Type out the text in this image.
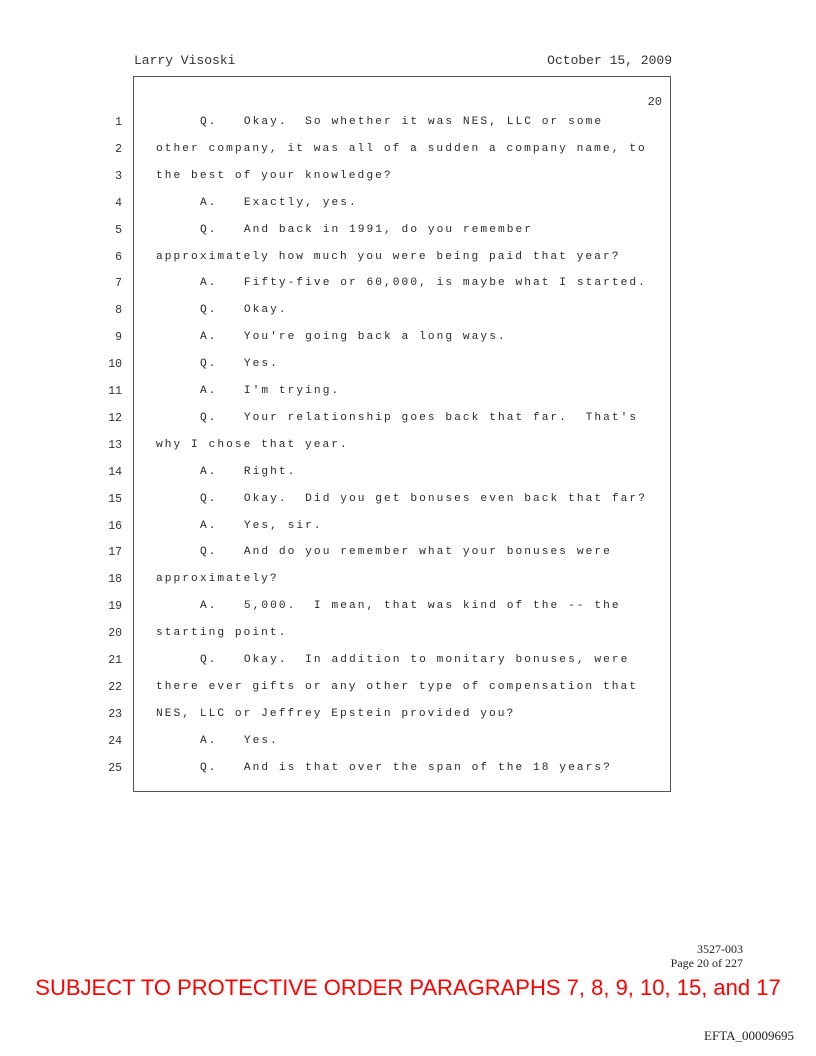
Larry Visoski	October 15, 2009
20
1	Q.   Okay.  So whether it was NES, LLC or some
2	other company, it was all of a sudden a company name, to
3	the best of your knowledge?
4	A.   Exactly, yes.
5	Q.   And back in 1991, do you remember
6	approximately how much you were being paid that year?
7	A.   Fifty-five or 60,000, is maybe what I started.
8	Q.   Okay.
9	A.   You're going back a long ways.
10	Q.   Yes.
11	A.   I'm trying.
12	Q.   Your relationship goes back that far.  That's
13	why I chose that year.
14	A.   Right.
15	Q.   Okay.  Did you get bonuses even back that far?
16	A.   Yes, sir.
17	Q.   And do you remember what your bonuses were
18	approximately?
19	A.   5,000.  I mean, that was kind of the -- the
20	starting point.
21	Q.   Okay.  In addition to monitary bonuses, were
22	there ever gifts or any other type of compensation that
23	NES, LLC or Jeffrey Epstein provided you?
24	A.   Yes.
25	Q.   And is that over the span of the 18 years?
3527-003
Page 20 of 227
SUBJECT TO PROTECTIVE ORDER PARAGRAPHS 7, 8, 9, 10, 15, and 17
EFTA_00009695
